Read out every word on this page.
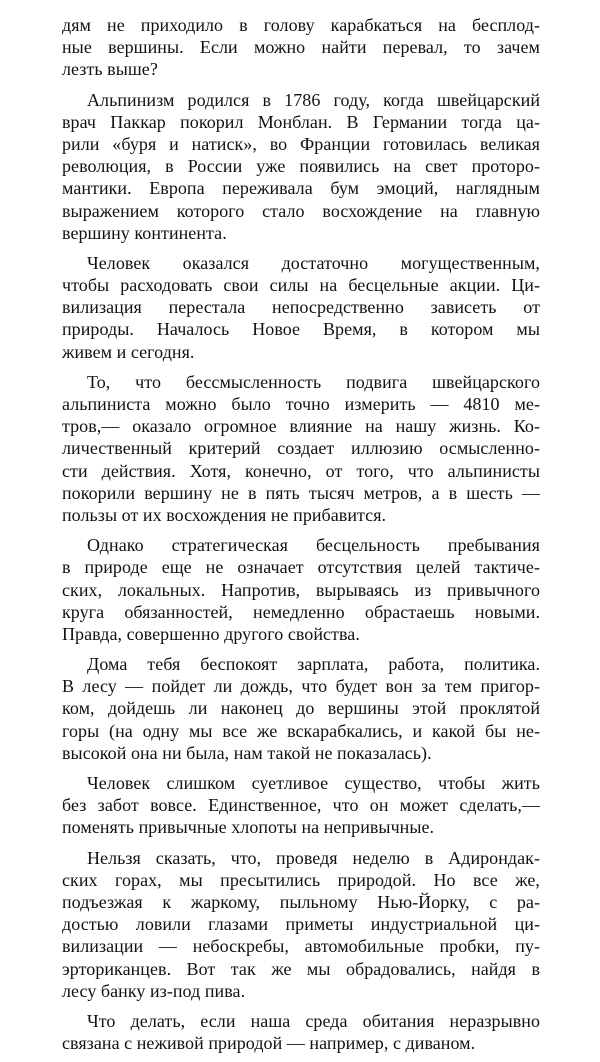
дям не приходило в голову карабкаться на бесплод-
ные вершины. Если можно найти перевал, то зачем
лезть выше?
Альпинизм родился в 1786 году, когда швейцарский
врач Паккар покорил Монблан. В Германии тогда ца-
рили «буря и натиск», во Франции готовилась великая
революция, в России уже появились на свет проторо-
мантики. Европа переживала бум эмоций, наглядным
выражением которого стало восхождение на главную
вершину континента.
Человек оказался достаточно могущественным,
чтобы расходовать свои силы на бесцельные акции. Ци-
вилизация перестала непосредственно зависеть от
природы. Началось Новое Время, в котором мы
живем и сегодня.
То, что бессмысленность подвига швейцарского
альпиниста можно было точно измерить — 4810 ме-
тров,— оказало огромное влияние на нашу жизнь. Ко-
личественный критерий создает иллюзию осмысленно-
сти действия. Хотя, конечно, от того, что альпинисты
покорили вершину не в пять тысяч метров, а в шесть —
пользы от их восхождения не прибавится.
Однако стратегическая бесцельность пребывания
в природе еще не означает отсутствия целей тактиче-
ских, локальных. Напротив, вырываясь из привычного
круга обязанностей, немедленно обрастаешь новыми.
Правда, совершенно другого свойства.
Дома тебя беспокоят зарплата, работа, политика.
В лесу — пойдет ли дождь, что будет вон за тем пригор-
ком, дойдешь ли наконец до вершины этой проклятой
горы (на одну мы все же вскарабкались, и какой бы не-
высокой она ни была, нам такой не показалась).
Человек слишком суетливое существо, чтобы жить
без забот вовсе. Единственное, что он может сделать,—
поменять привычные хлопоты на непривычные.
Нельзя сказать, что, проведя неделю в Адирондак-
ских горах, мы пресытились природой. Но все же,
подъезжая к жаркому, пыльному Нью-Йорку, с ра-
достью ловили глазами приметы индустриальной ци-
вилизации — небоскребы, автомобильные пробки, пу-
эрториканцев. Вот так же мы обрадовались, найдя в
лесу банку из-под пива.
Что делать, если наша среда обитания неразрывно
связана с неживой природой — например, с диваном.
